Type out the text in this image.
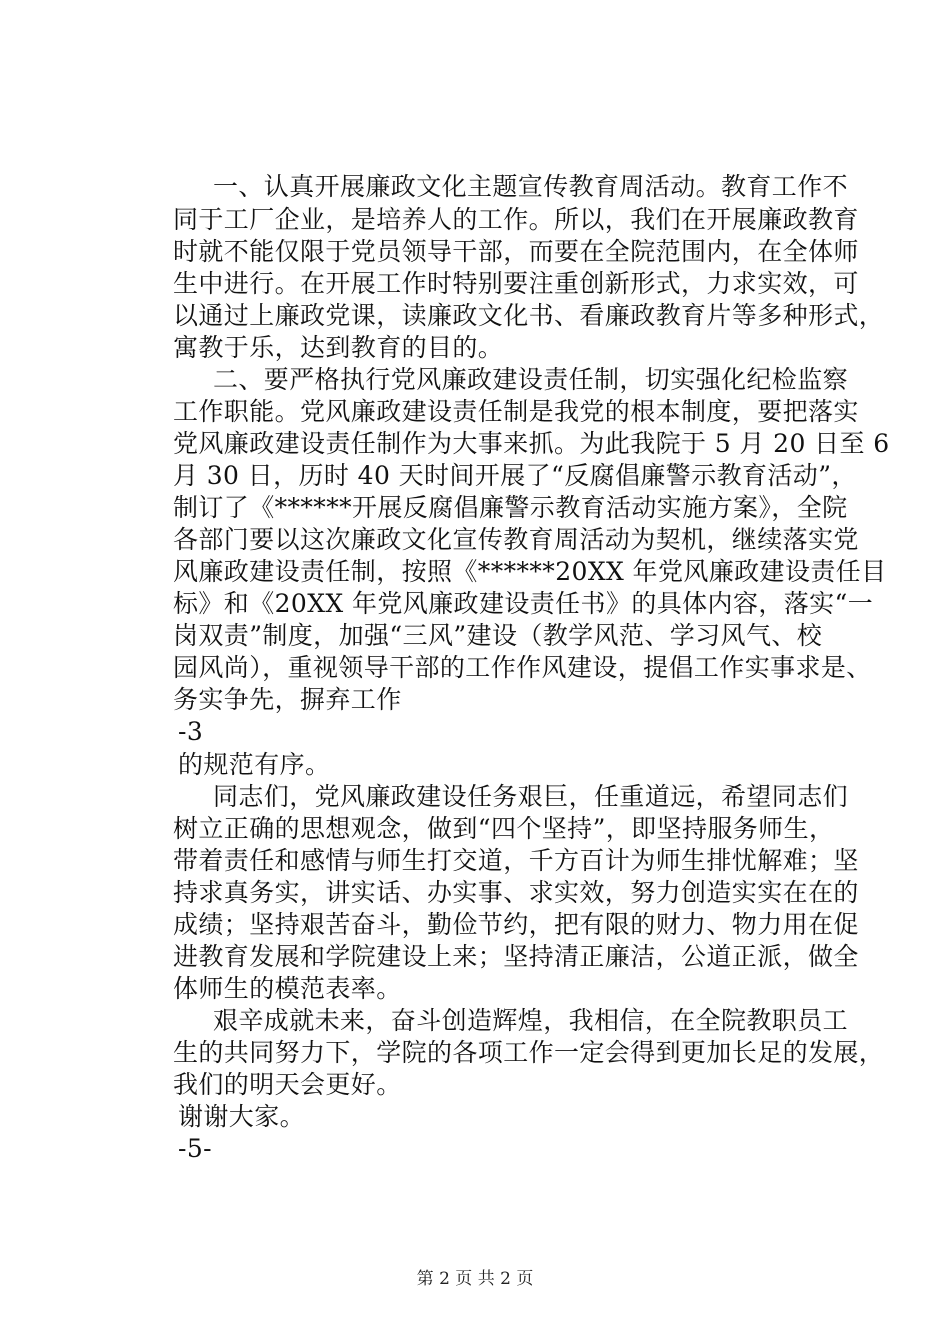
一、认真开展廉政文化主题宣传教育周活动。教育工作不
同于工厂企业，是培养人的工作。所以，我们在开展廉政教育
时就不能仅限于党员领导干部，而要在全院范围内，在全体师
生中进行。在开展工作时特别要注重创新形式，力求实效，可
以通过上廉政党课，读廉政文化书、看廉政教育片等多种形式，
寓教于乐，达到教育的目的。
二、要严格执行党风廉政建设责任制，切实强化纪检监察
工作职能。党风廉政建设责任制是我党的根本制度，要把落实
党风廉政建设责任制作为大事来抓。为此我院于 5 月 20 日至 6
月 30 日，历时 40 天时间开展了“反腐倡廉警示教育活动”，
制订了《******开展反腐倡廉警示教育活动实施方案》，全院
各部门要以这次廉政文化宣传教育周活动为契机，继续落实党
风廉政建设责任制，按照《******20XX 年党风廉政建设责任目
标》和《20XX 年党风廉政建设责任书》的具体内容，落实“一
岗双责”制度，加强“三风”建设（教学风范、学习风气、校
园风尚），重视领导干部的工作作风建设，提倡工作实事求是、
务实争先，摒弃工作
-3
的规范有序。
同志们，党风廉政建设任务艰巨，任重道远，希望同志们
树立正确的思想观念，做到“四个坚持”，即坚持服务师生，
带着责任和感情与师生打交道，千方百计为师生排忧解难；坚
持求真务实，讲实话、办实事、求实效，努力创造实实在在的
成绩；坚持艰苦奋斗，勤俭节约，把有限的财力、物力用在促
进教育发展和学院建设上来；坚持清正廉洁，公道正派，做全
体师生的模范表率。
艰辛成就未来，奋斗创造辉煌，我相信，在全院教职员工
生的共同努力下，学院的各项工作一定会得到更加长足的发展，
我们的明天会更好。
谢谢大家。
-5-
第 2 页 共 2 页
